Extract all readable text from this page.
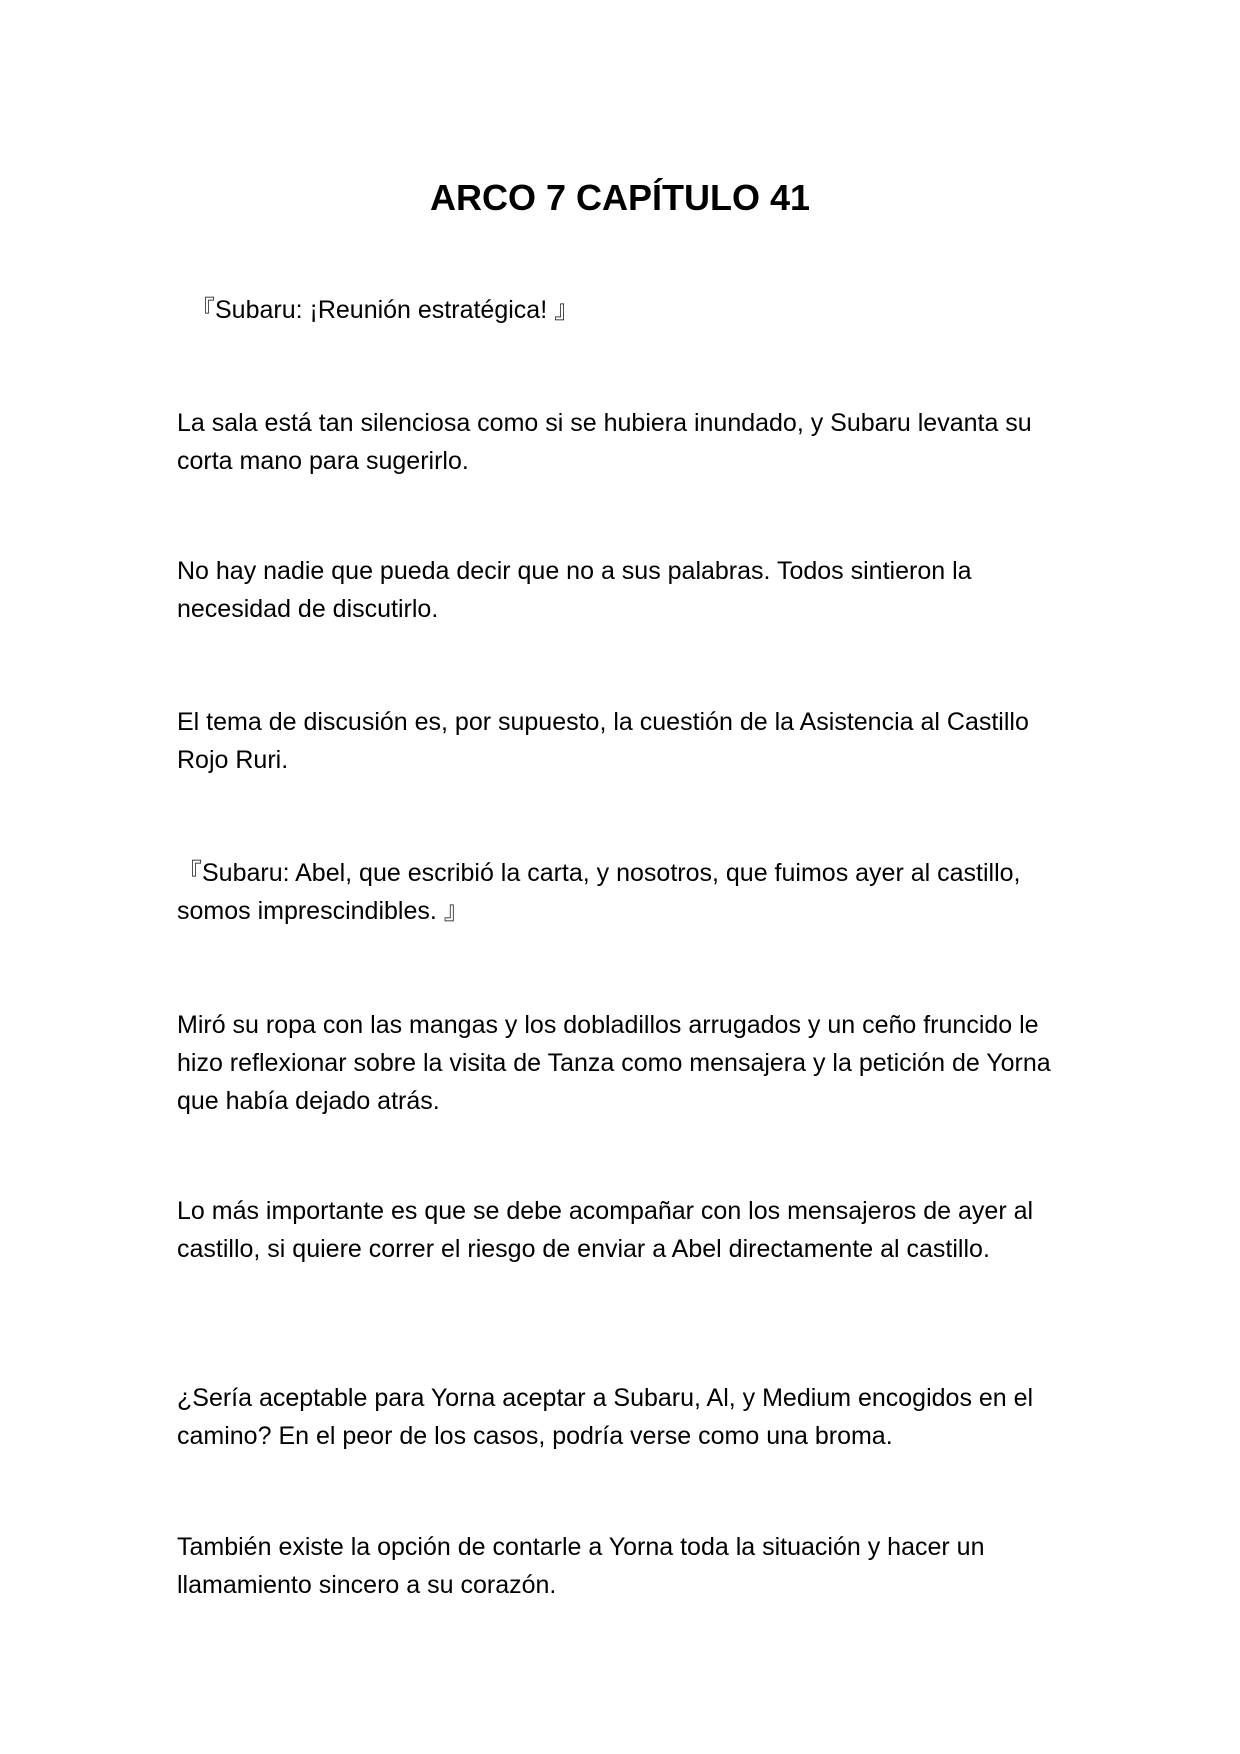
ARCO 7 CAPÍTULO 41

『Subaru: ¡Reunión estratégica! 』

La sala está tan silenciosa como si se hubiera inundado, y Subaru levanta su corta mano para sugerirlo.

No hay nadie que pueda decir que no a sus palabras. Todos sintieron la necesidad de discutirlo.

El tema de discusión es, por supuesto, la cuestión de la Asistencia al Castillo Rojo Ruri.

『Subaru: Abel, que escribió la carta, y nosotros, que fuimos ayer al castillo, somos imprescindibles. 』

Miró su ropa con las mangas y los dobladillos arrugados y un ceño fruncido le hizo reflexionar sobre la visita de Tanza como mensajera y la petición de Yorna que había dejado atrás.

Lo más importante es que se debe acompañar con los mensajeros de ayer al castillo, si quiere correr el riesgo de enviar a Abel directamente al castillo.

¿Sería aceptable para Yorna aceptar a Subaru, Al, y Medium encogidos en el camino? En el peor de los casos, podría verse como una broma.

También existe la opción de contarle a Yorna toda la situación y hacer un llamamiento sincero a su corazón.
